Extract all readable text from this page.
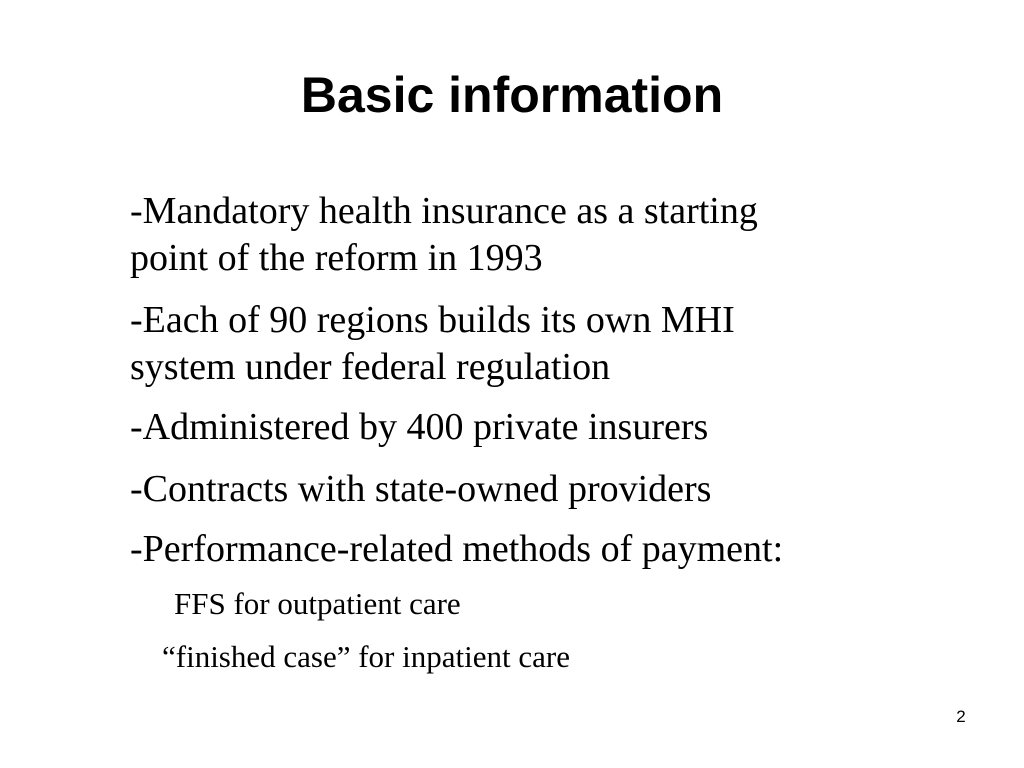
Basic information
-Mandatory health insurance as a starting
point of the reform in 1993
-Each of 90 regions builds its own MHI
system under federal regulation
-Administered by 400 private insurers
-Contracts with state-owned providers
-Performance-related methods of payment:
FFS for outpatient care
“finished case” for inpatient care
2
